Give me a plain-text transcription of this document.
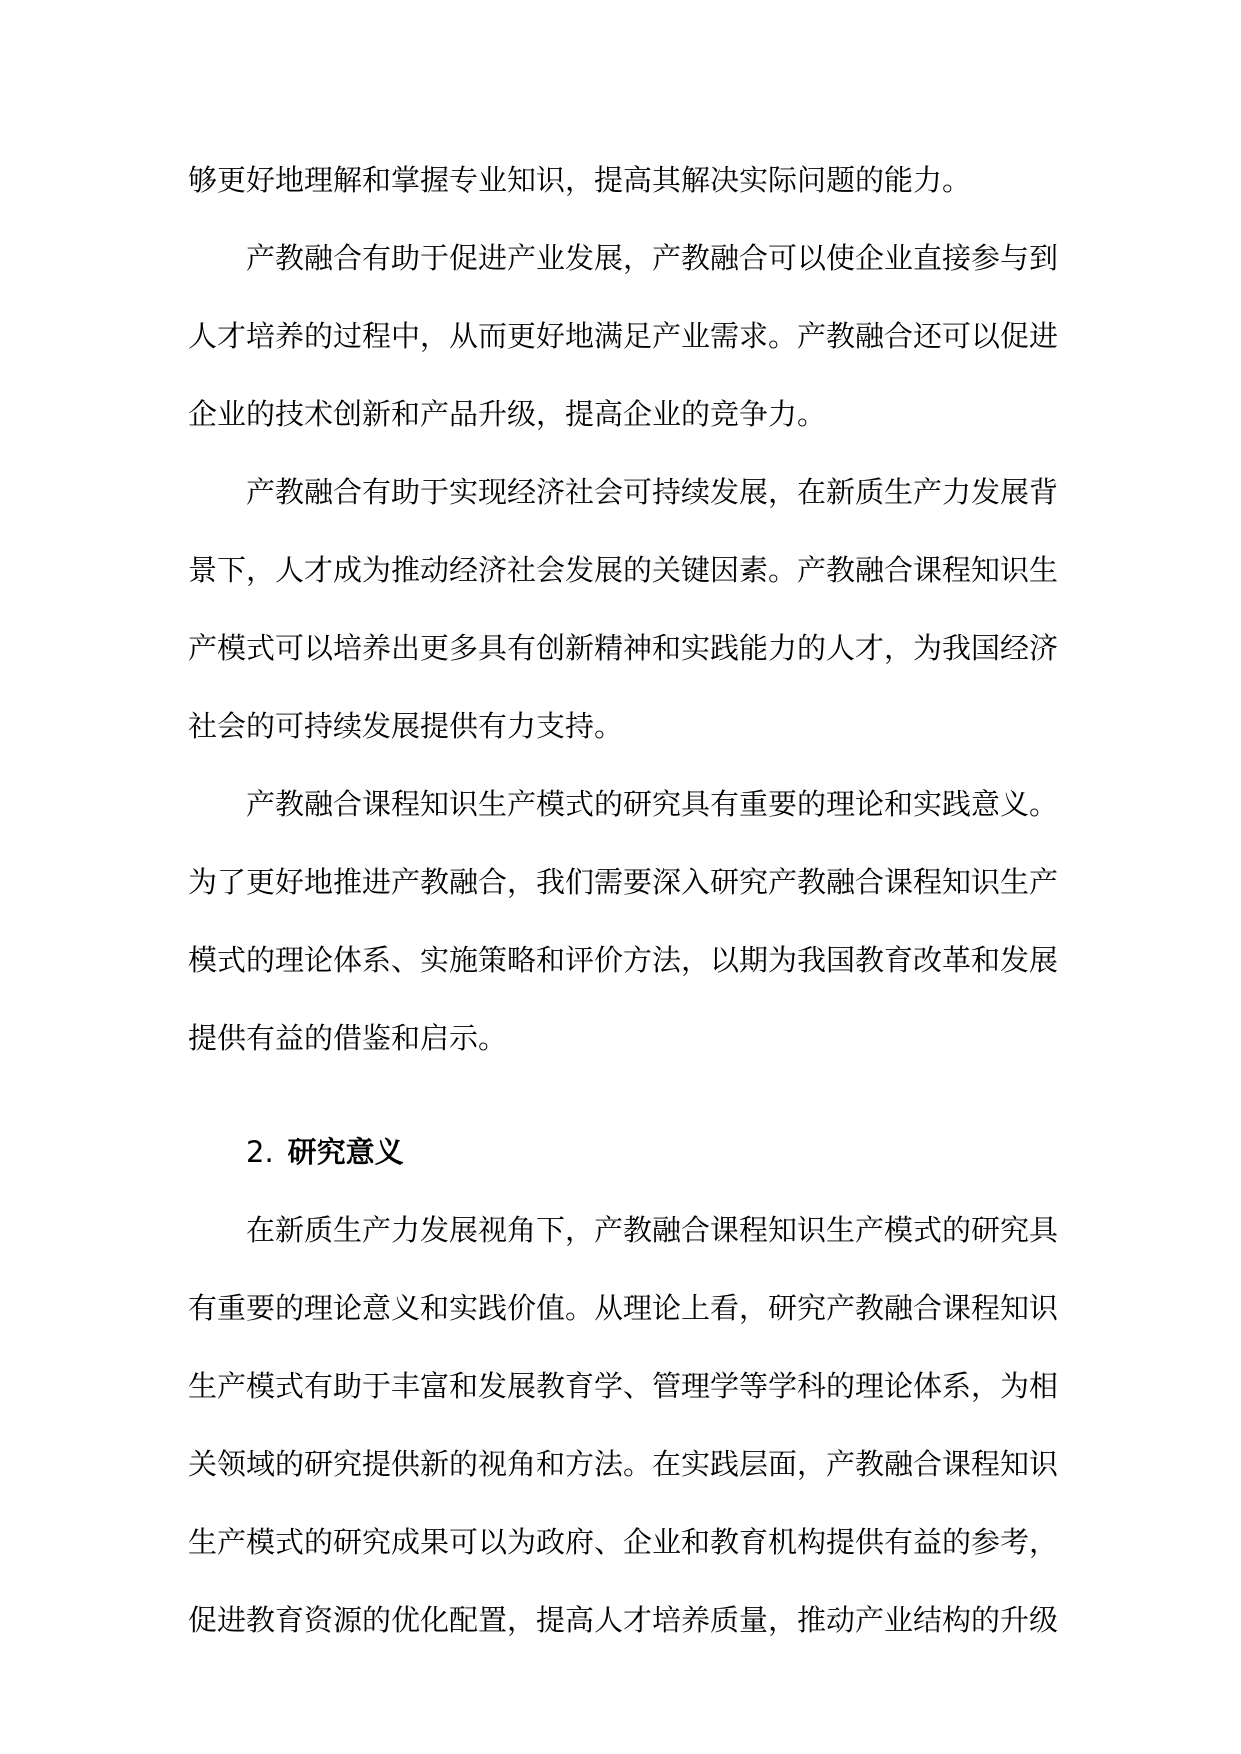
够更好地理解和掌握专业知识，提高其解决实际问题的能力。
产教融合有助于促进产业发展，产教融合可以使企业直接参与到
人才培养的过程中，从而更好地满足产业需求。产教融合还可以促进
企业的技术创新和产品升级，提高企业的竞争力。
产教融合有助于实现经济社会可持续发展，在新质生产力发展背
景下，人才成为推动经济社会发展的关键因素。产教融合课程知识生
产模式可以培养出更多具有创新精神和实践能力的人才，为我国经济
社会的可持续发展提供有力支持。
产教融合课程知识生产模式的研究具有重要的理论和实践意义。
为了更好地推进产教融合，我们需要深入研究产教融合课程知识生产
模式的理论体系、实施策略和评价方法，以期为我国教育改革和发展
提供有益的借鉴和启示。
2. 研究意义
在新质生产力发展视角下，产教融合课程知识生产模式的研究具
有重要的理论意义和实践价值。从理论上看，研究产教融合课程知识
生产模式有助于丰富和发展教育学、管理学等学科的理论体系，为相
关领域的研究提供新的视角和方法。在实践层面，产教融合课程知识
生产模式的研究成果可以为政府、企业和教育机构提供有益的参考，
促进教育资源的优化配置，提高人才培养质量，推动产业结构的升级
